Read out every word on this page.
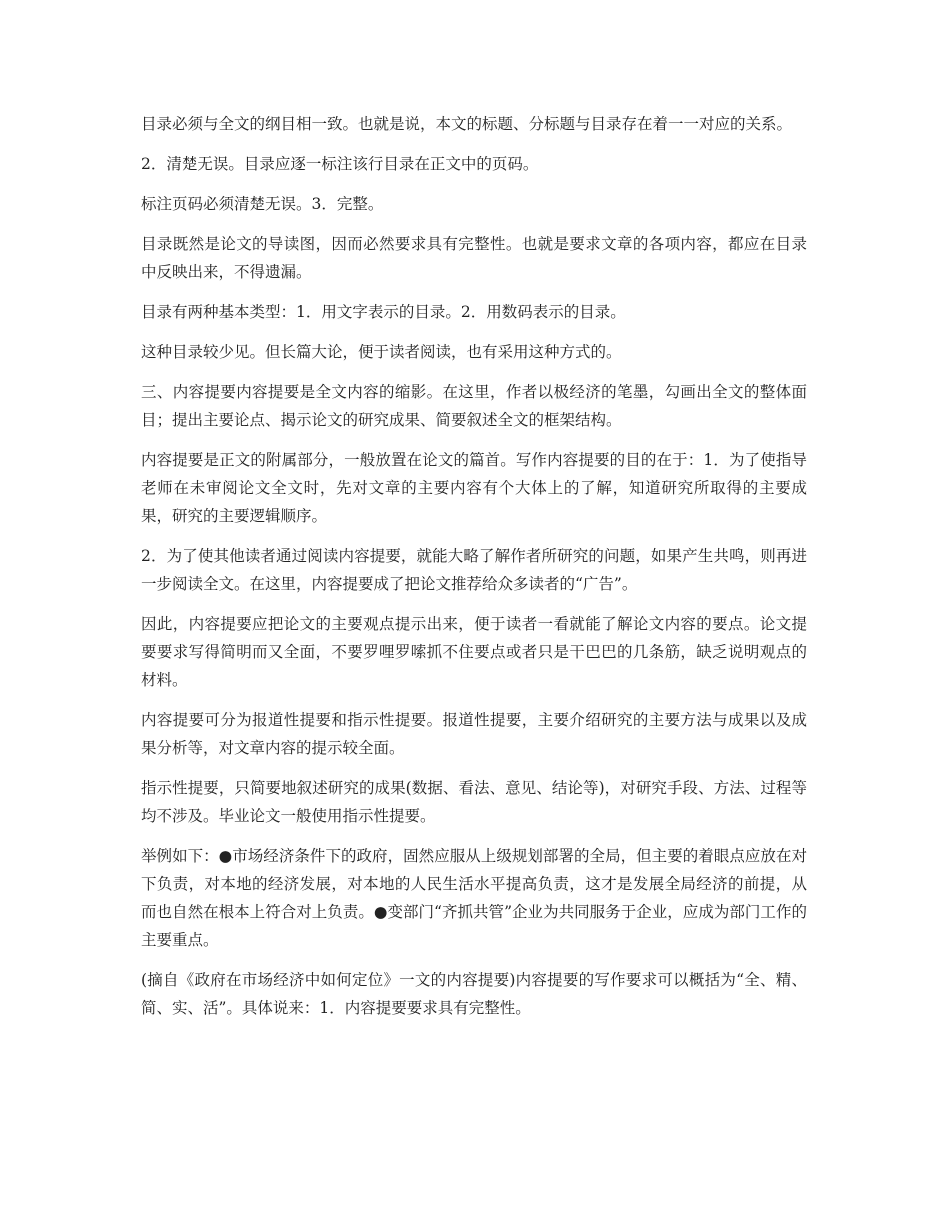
目录必须与全文的纲目相一致。也就是说，本文的标题、分标题与目录存在着一一对应的关系。

2．清楚无误。目录应逐一标注该行目录在正文中的页码。

标注页码必须清楚无误。3．完整。

目录既然是论文的导读图，因而必然要求具有完整性。也就是要求文章的各项内容，都应在目录中反映出来，不得遗漏。

目录有两种基本类型：1．用文字表示的目录。2．用数码表示的目录。

这种目录较少见。但长篇大论，便于读者阅读，也有采用这种方式的。

三、内容提要内容提要是全文内容的缩影。在这里，作者以极经济的笔墨，勾画出全文的整体面目；提出主要论点、揭示论文的研究成果、简要叙述全文的框架结构。

内容提要是正文的附属部分，一般放置在论文的篇首。写作内容提要的目的在于：1．为了使指导老师在未审阅论文全文时，先对文章的主要内容有个大体上的了解，知道研究所取得的主要成果，研究的主要逻辑顺序。

2．为了使其他读者通过阅读内容提要，就能大略了解作者所研究的问题，如果产生共鸣，则再进一步阅读全文。在这里，内容提要成了把论文推荐给众多读者的“广告”。

因此，内容提要应把论文的主要观点提示出来，便于读者一看就能了解论文内容的要点。论文提要要求写得简明而又全面，不要罗哩罗嗦抓不住要点或者只是干巴巴的几条筋，缺乏说明观点的材料。

内容提要可分为报道性提要和指示性提要。报道性提要，主要介绍研究的主要方法与成果以及成果分析等，对文章内容的提示较全面。

指示性提要，只简要地叙述研究的成果(数据、看法、意见、结论等)，对研究手段、方法、过程等均不涉及。毕业论文一般使用指示性提要。

举例如下：●市场经济条件下的政府，固然应服从上级规划部署的全局，但主要的着眼点应放在对下负责，对本地的经济发展，对本地的人民生活水平提高负责，这才是发展全局经济的前提，从而也自然在根本上符合对上负责。●变部门“齐抓共管”企业为共同服务于企业，应成为部门工作的主要重点。

(摘自《政府在市场经济中如何定位》一文的内容提要)内容提要的写作要求可以概括为“全、精、简、实、活”。具体说来：1．内容提要要求具有完整性。
